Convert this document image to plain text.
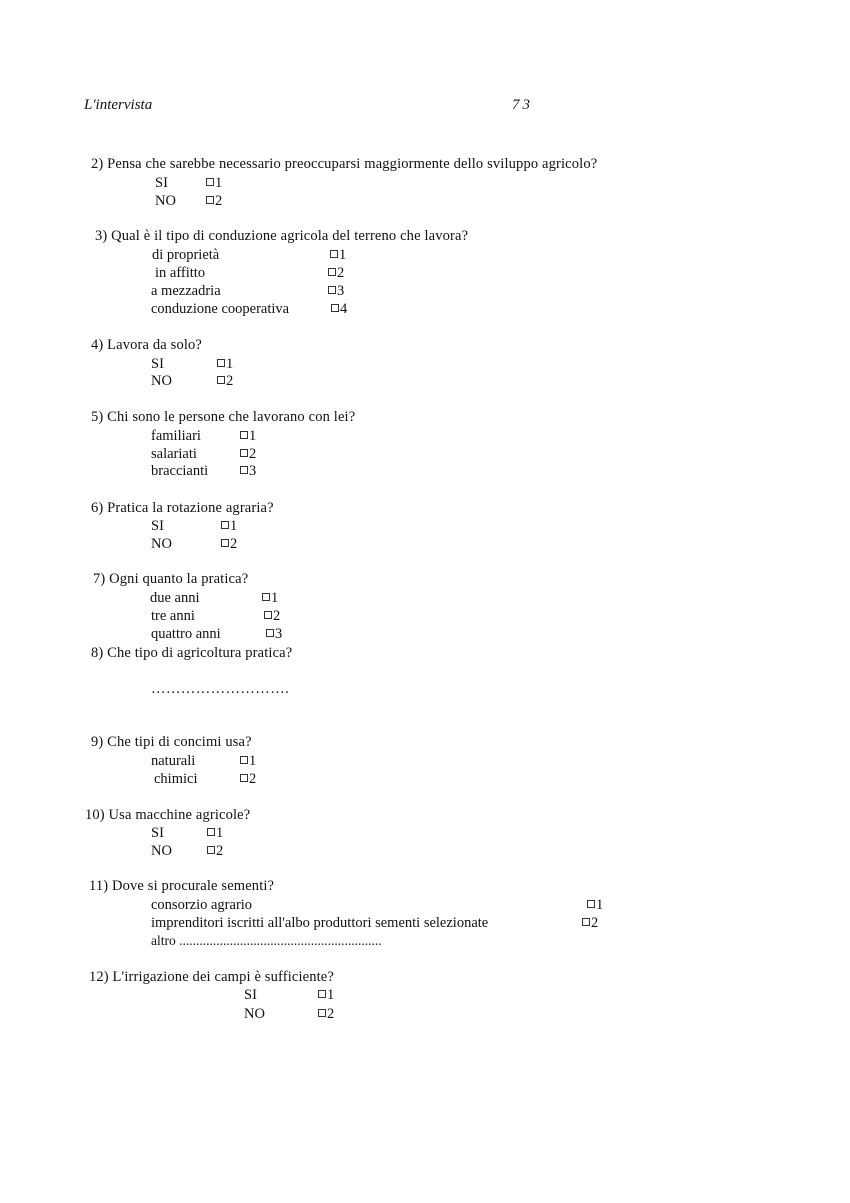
L'intervista	73
2) Pensa che sarebbe necessario preoccuparsi maggiormente dello sviluppo agricolo?
SI	1
NO	2
3) Qual è il tipo di conduzione agricola del terreno che lavora?
di proprietà	1
in affitto	2
a mezzadria	3
conduzione cooperativa	4
4) Lavora da solo?
SI	1
NO	2
5) Chi sono le persone che lavorano con lei?
familiari	1
salariati	2
braccianti	3
6) Pratica la rotazione agraria?
SI	1
NO	2
7) Ogni quanto la pratica?
due anni	1
tre anni	2
quattro anni	3
8) Che tipo di agricoltura pratica?
……………………….
9) Che tipi di concimi usa?
naturali	1
chimici	2
10) Usa macchine agricole?
SI	1
NO	2
11) Dove si procurale sementi?
consorzio agrario	1
imprenditori iscritti all'albo produttori sementi selezionate	2
altro ............................................................
12) L'irrigazione dei campi è sufficiente?
SI	1
NO	2
